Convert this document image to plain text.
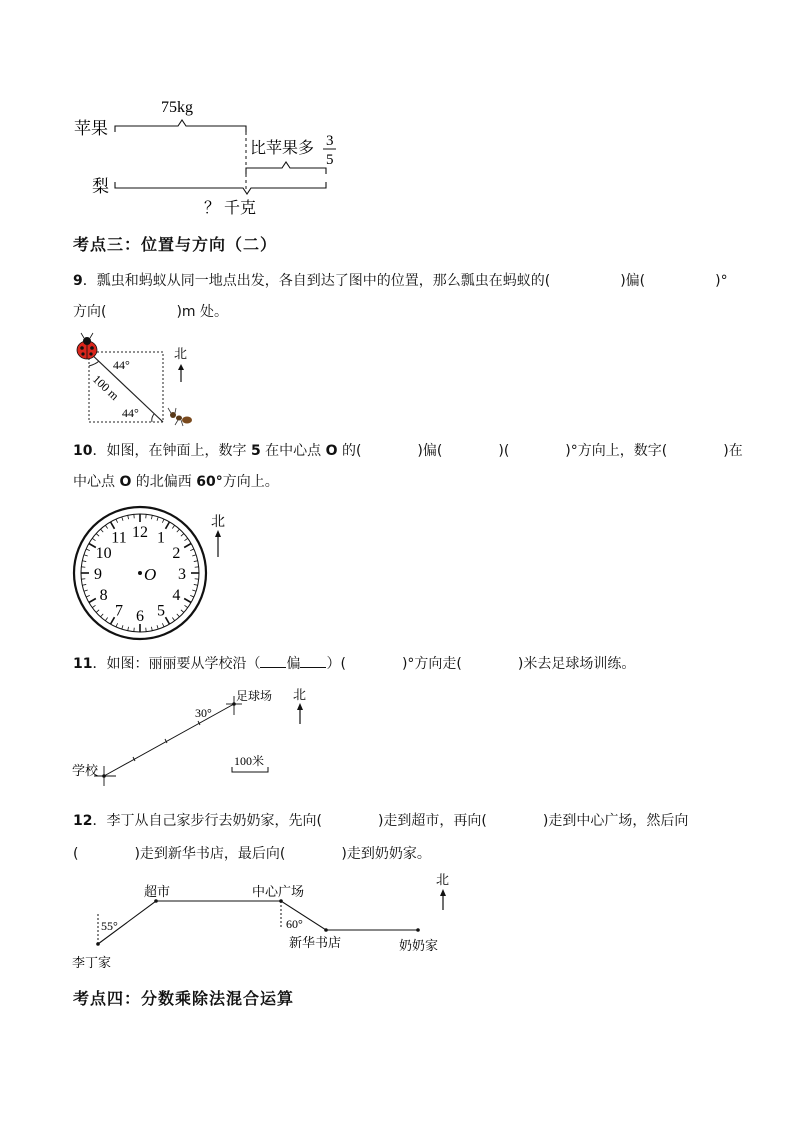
75kg
苹果
比苹果多 3
5
梨
？ 千克
考点三：位置与方向（二）
9．瓢虫和蚂蚁从同一地点出发，各自到达了图中的位置，那么瓢虫在蚂蚁的(	)偏(	)°
方向(	)m 处。
44°
44°
100 m
北
10．如图，在钟面上，数字 5 在中心点 O 的(	)偏(	)(	)°方向上，数字(	)在
中心点 O 的北偏西 60°方向上。
12 1
2
3
4
5
6
7
8
9
10
11
O
北
11．如图：丽丽要从学校沿（ 偏 ）(	)°方向走(	)米去足球场训练。
30°
足球场
学校
100米
北
12．李丁从自己家步行去奶奶家，先向(	)走到超市，再向(	)走到中心广场，然后向
(	)走到新华书店，最后向(	)走到奶奶家。
55°	60°
超市	中心广场
李丁家
新华书店	奶奶家
北
考点四：分数乘除法混合运算
